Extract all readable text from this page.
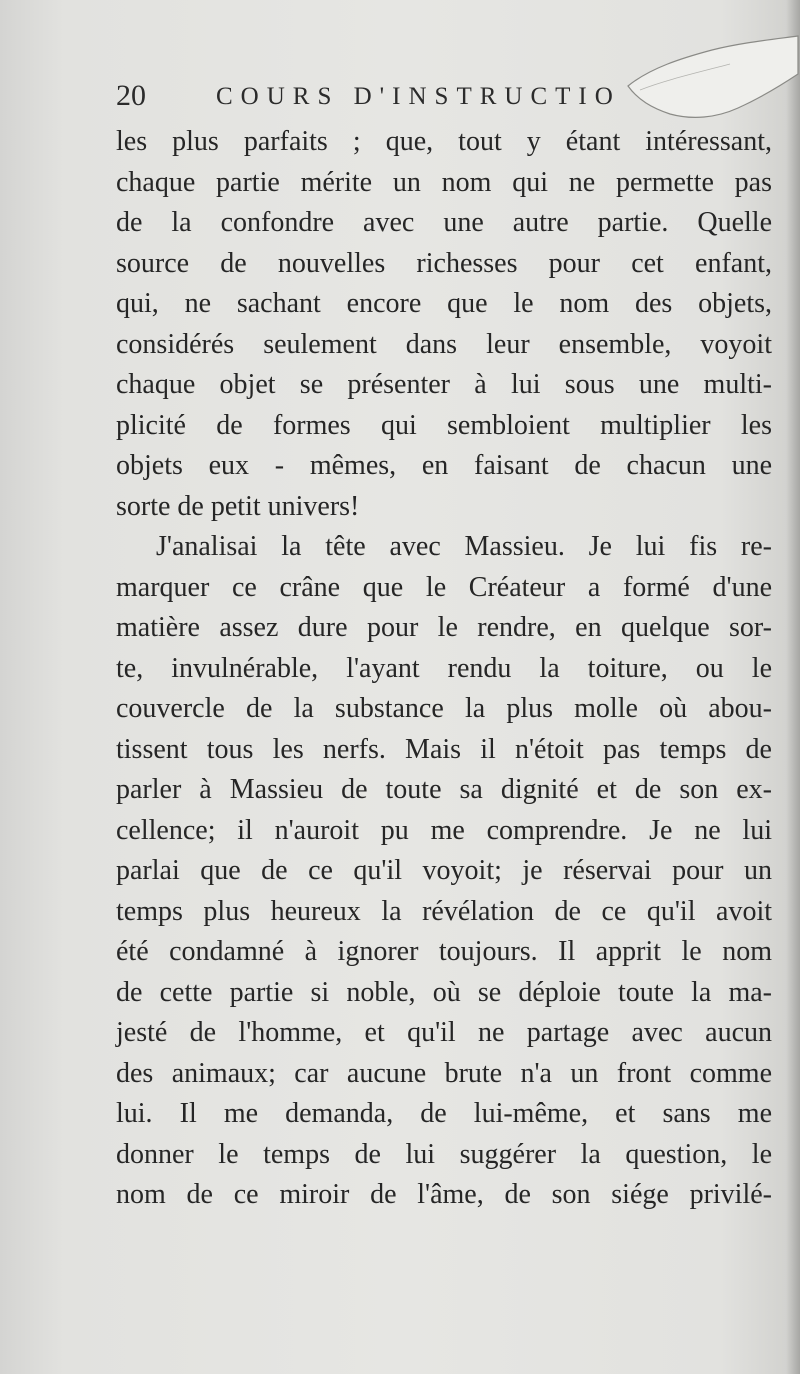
20	COURS D'INSTRUCTIO
les plus parfaits ; que, tout y étant intéressant,
chaque partie mérite un nom qui ne permette pas
de la confondre avec une autre partie. Quelle
source de nouvelles richesses pour cet enfant,
qui, ne sachant encore que le nom des objets,
considérés seulement dans leur ensemble, voyoit
chaque objet se présenter à lui sous une multi-
plicité de formes qui sembloient multiplier les
objets eux - mêmes, en faisant de chacun une
sorte de petit univers!
J'analisai la tête avec Massieu. Je lui fis re-
marquer ce crâne que le Créateur a formé d'une
matière assez dure pour le rendre, en quelque sor-
te, invulnérable, l'ayant rendu la toiture, ou le
couvercle de la substance la plus molle où abou-
tissent tous les nerfs. Mais il n'étoit pas temps de
parler à Massieu de toute sa dignité et de son ex-
cellence; il n'auroit pu me comprendre. Je ne lui
parlai que de ce qu'il voyoit; je réservai pour un
temps plus heureux la révélation de ce qu'il avoit
été condamné à ignorer toujours. Il apprit le nom
de cette partie si noble, où se déploie toute la ma-
jesté de l'homme, et qu'il ne partage avec aucun
des animaux; car aucune brute n'a un front comme
lui. Il me demanda, de lui-même, et sans me
donner le temps de lui suggérer la question, le
nom de ce miroir de l'âme, de son siége privilé-
